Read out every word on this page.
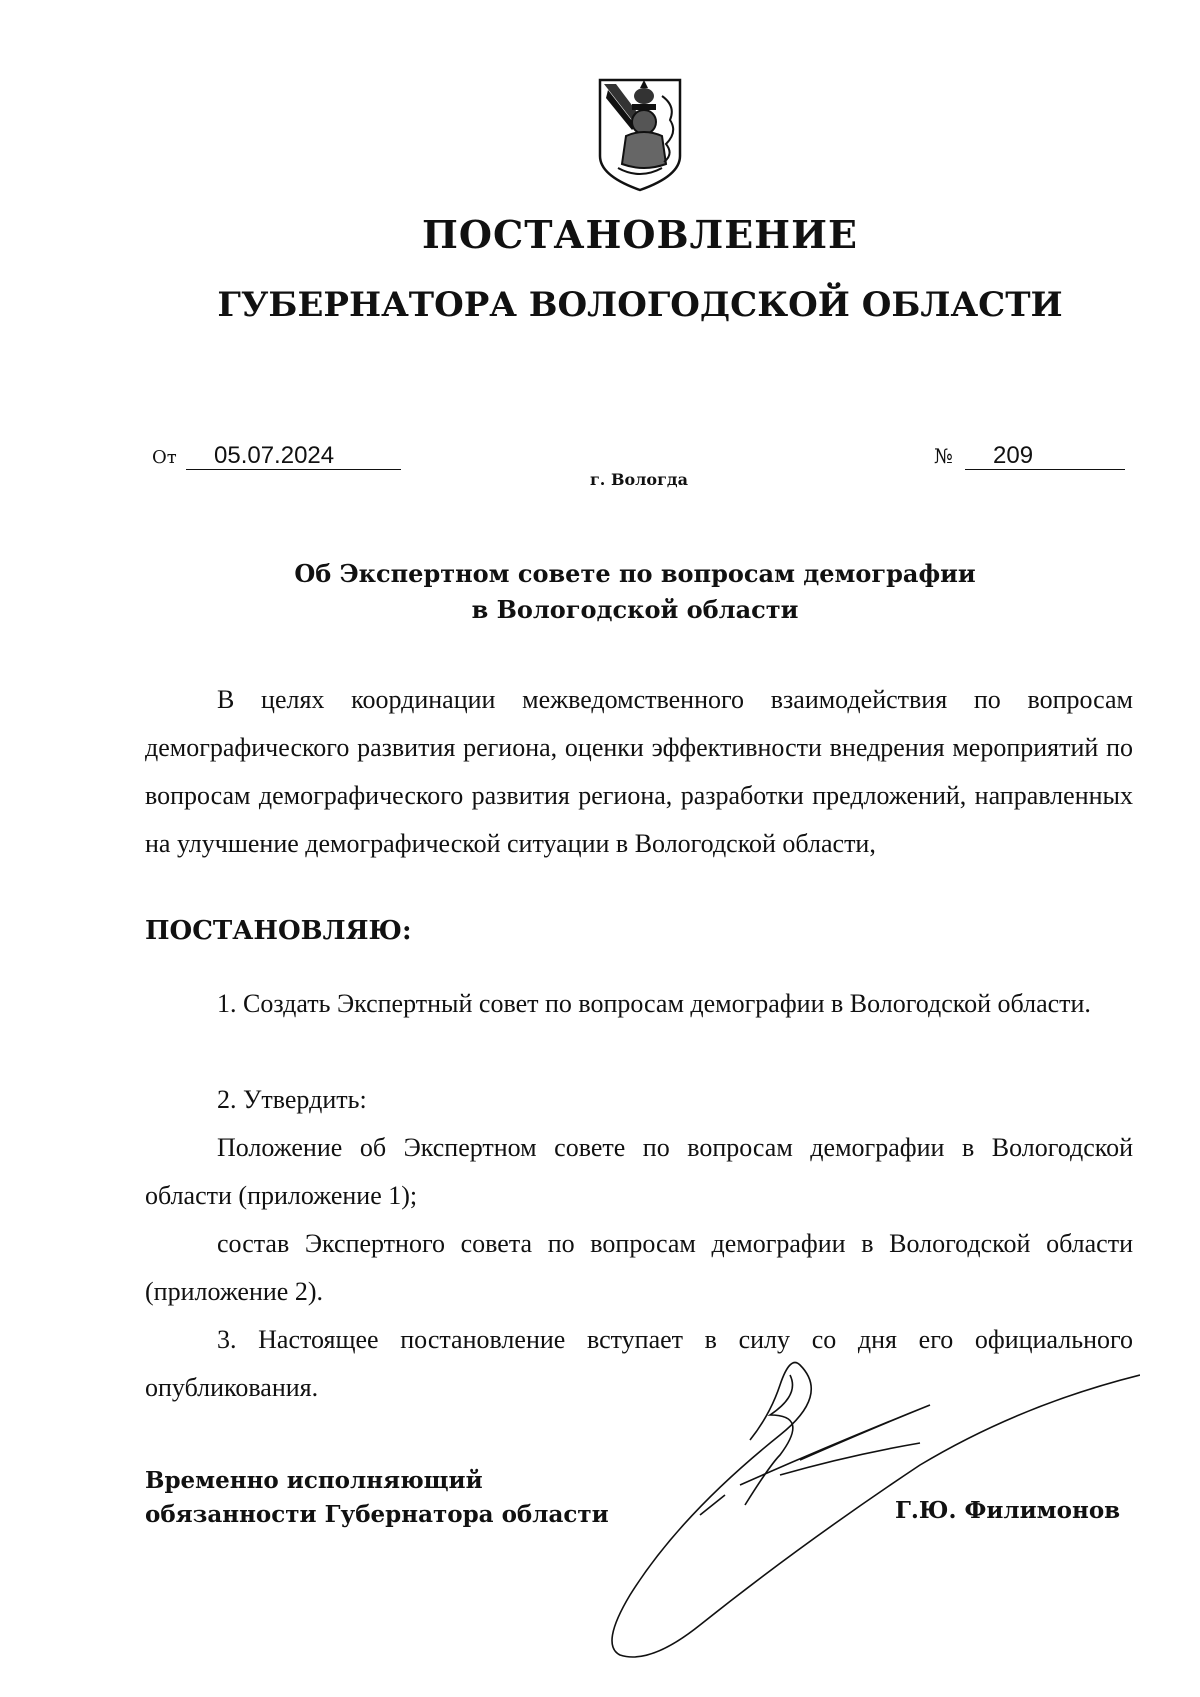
ПОСТАНОВЛЕНИЕ
ГУБЕРНАТОРА ВОЛОГОДСКОЙ ОБЛАСТИ
От	05.07.2024
г. Вологда
№	209
Об Экспертном совете по вопросам демографии
в Вологодской области
В целях координации межведомственного взаимодействия по вопросам демографического развития региона, оценки эффективности внедрения мероприятий по вопросам демографического развития региона, разработки предложений, направленных на улучшение демографической ситуации в Вологодской области,
ПОСТАНОВЛЯЮ:
1. Создать Экспертный совет по вопросам демографии в Вологодской области.
2. Утвердить:
Положение об Экспертном совете по вопросам демографии в Вологодской области (приложение 1);
состав Экспертного совета по вопросам демографии в Вологодской области (приложение 2).
3. Настоящее постановление вступает в силу со дня его официального опубликования.
Временно исполняющий
обязанности Губернатора области	Г.Ю. Филимонов
